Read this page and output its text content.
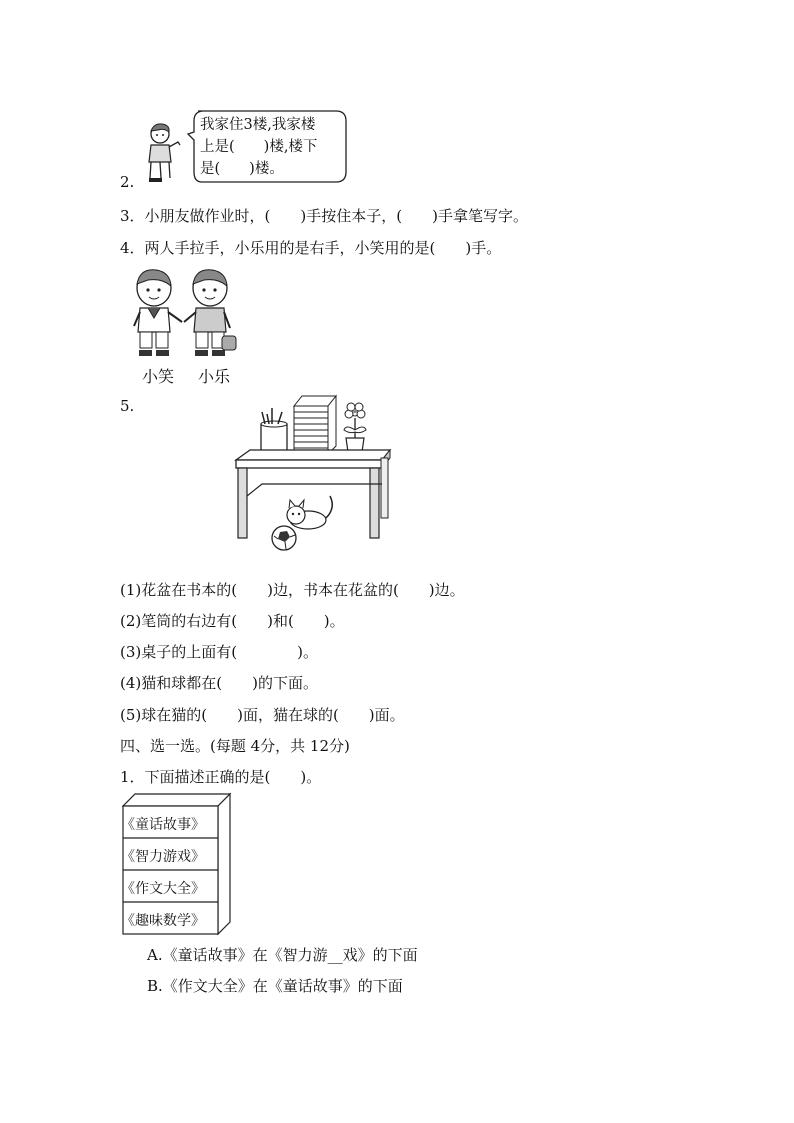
2.
我家住3楼,我家楼
上是(　　)楼,楼下
是(　　)楼。
3．小朋友做作业时，(　　)手按住本子，(　　)手拿笔写字。
4．两人手拉手，小乐用的是右手，小笑用的是(　　)手。
小笑 小乐
5.
(1)花盆在书本的(　　)边，书本在花盆的(　　)边。
(2)笔筒的右边有(　　)和(　　)。
(3)桌子的上面有(　　　　)。
(4)猫和球都在(　　)的下面。
(5)球在猫的(　　)面，猫在球的(　　)面。
四、选一选。(每题 4分，共 12分)
1．下面描述正确的是(　　)。
《童话故事》
《智力游戏》
《作文大全》
《趣味数学》
A.《童话故事》在《智力游__戏》的下面
B.《作文大全》在《童话故事》的下面
